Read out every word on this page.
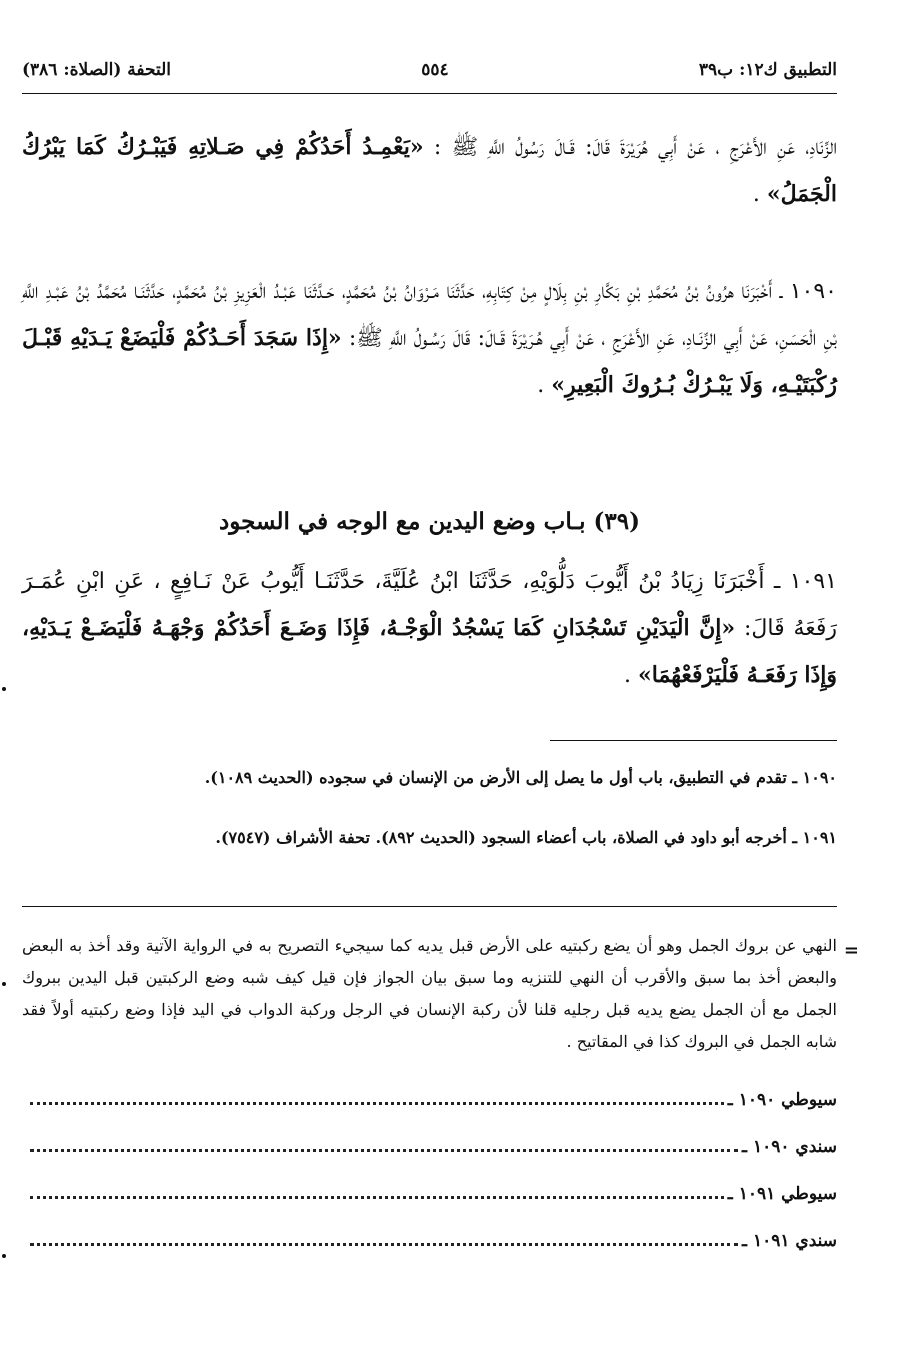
التطبيق ك١٢: ب٣٩
٥٥٤
التحفة (الصلاة: ٣٨٦)

الزِّنَادِ، عَنِ الأَعْرَجِ ، عَنْ أَبِي هُرَيْرَةَ قَالَ: قَـالَ رَسُولُ اللَّهِ ﷺ : «يَعْمِـدُ أَحَدُكُمْ فِي صَـلاتِهِ فَيَبْـرُكُ كَمَا يَبْرُكُ الْجَمَلُ» .

١٠٩٠ ـ أَخْبَرَنَا هرُونُ بْنُ مُحَمَّدِ بْنِ بَكَّارِ بْنِ بِلَالٍ مِنْ كِتَابِهِ، حَدَّثَنَا مَـرْوَانُ بْنُ مُحَمَّدٍ، حَـدَّثَنَا عَبْـدُ الْعَزِيزِ بْنُ مُحَمَّدٍ، حَدَّثَنَـا مُحَمَّدُ بْنُ عَبْـدِ اللَّهِ بْنِ الْحَسَنِ، عَنْ أَبِي الزِّنَـادِ، عَنِ الأَعْرَجِ ، عَنْ أَبِي هُـرَيْرَةَ قَـالَ: قَالَ رَسُـولُ اللَّهِ ﷺ: «إِذَا سَجَدَ أَحَـدُكُمْ فَلْيَضَعْ يَـدَيْهِ قَبْـلَ رُكْبَتَيْـهِ، وَلَا يَبْـرُكْ بُـرُوكَ الْبَعِيرِ» .

(٣٩) بـاب وضع اليدين مع الوجه في السجود

١٠٩١ ـ أَخْبَرَنَا زِيَادُ بْنُ أَيُّوبَ دَلُّوَيْهِ، حَدَّثَنَا ابْنُ عُلَيَّةَ، حَدَّثَنَـا أَيُّوبُ عَنْ نَـافِعٍ ، عَنِ ابْنِ عُمَـرَ رَفَعَهُ قَالَ: «إِنَّ الْيَدَيْنِ تَسْجُدَانِ كَمَا يَسْجُدُ الْوَجْـهُ، فَإِذَا وَضَـعَ أَحَدُكُمْ وَجْهَـهُ فَلْيَضَـعْ يَـدَيْهِ، وَإِذَا رَفَعَـهُ فَلْيَرْفَعْهُمَا» .

١٠٩٠ ـ تقدم في التطبيق، باب أول ما يصل إلى الأرض من الإنسان في سجوده (الحديث ١٠٨٩).

١٠٩١ ـ أخرجه أبو داود في الصلاة، باب أعضاء السجود (الحديث ٨٩٢). تحفة الأشراف (٧٥٤٧).

=

النهي عن بروك الجمل وهو أن يضع ركبتيه على الأرض قبل يديه كما سيجيء التصريح به في الرواية الآتية وقد أخذ به البعض والبعض أخذ بما سبق والأقرب أن النهي للتنزيه وما سبق بيان الجواز فإن قيل كيف شبه وضع الركبتين قبل اليدين ببروك الجمل مع أن الجمل يضع يديه قبل رجليه قلنا لأن ركبة الإنسان في الرجل وركبة الدواب في اليد فإذا وضع ركبتيه أولاً فقد شابه الجمل في البروك كذا في المقاتيح .

سيوطي ١٠٩٠ ـ
سندي ١٠٩٠ ـ
سيوطي ١٠٩١ ـ
سندي ١٠٩١ ـ
